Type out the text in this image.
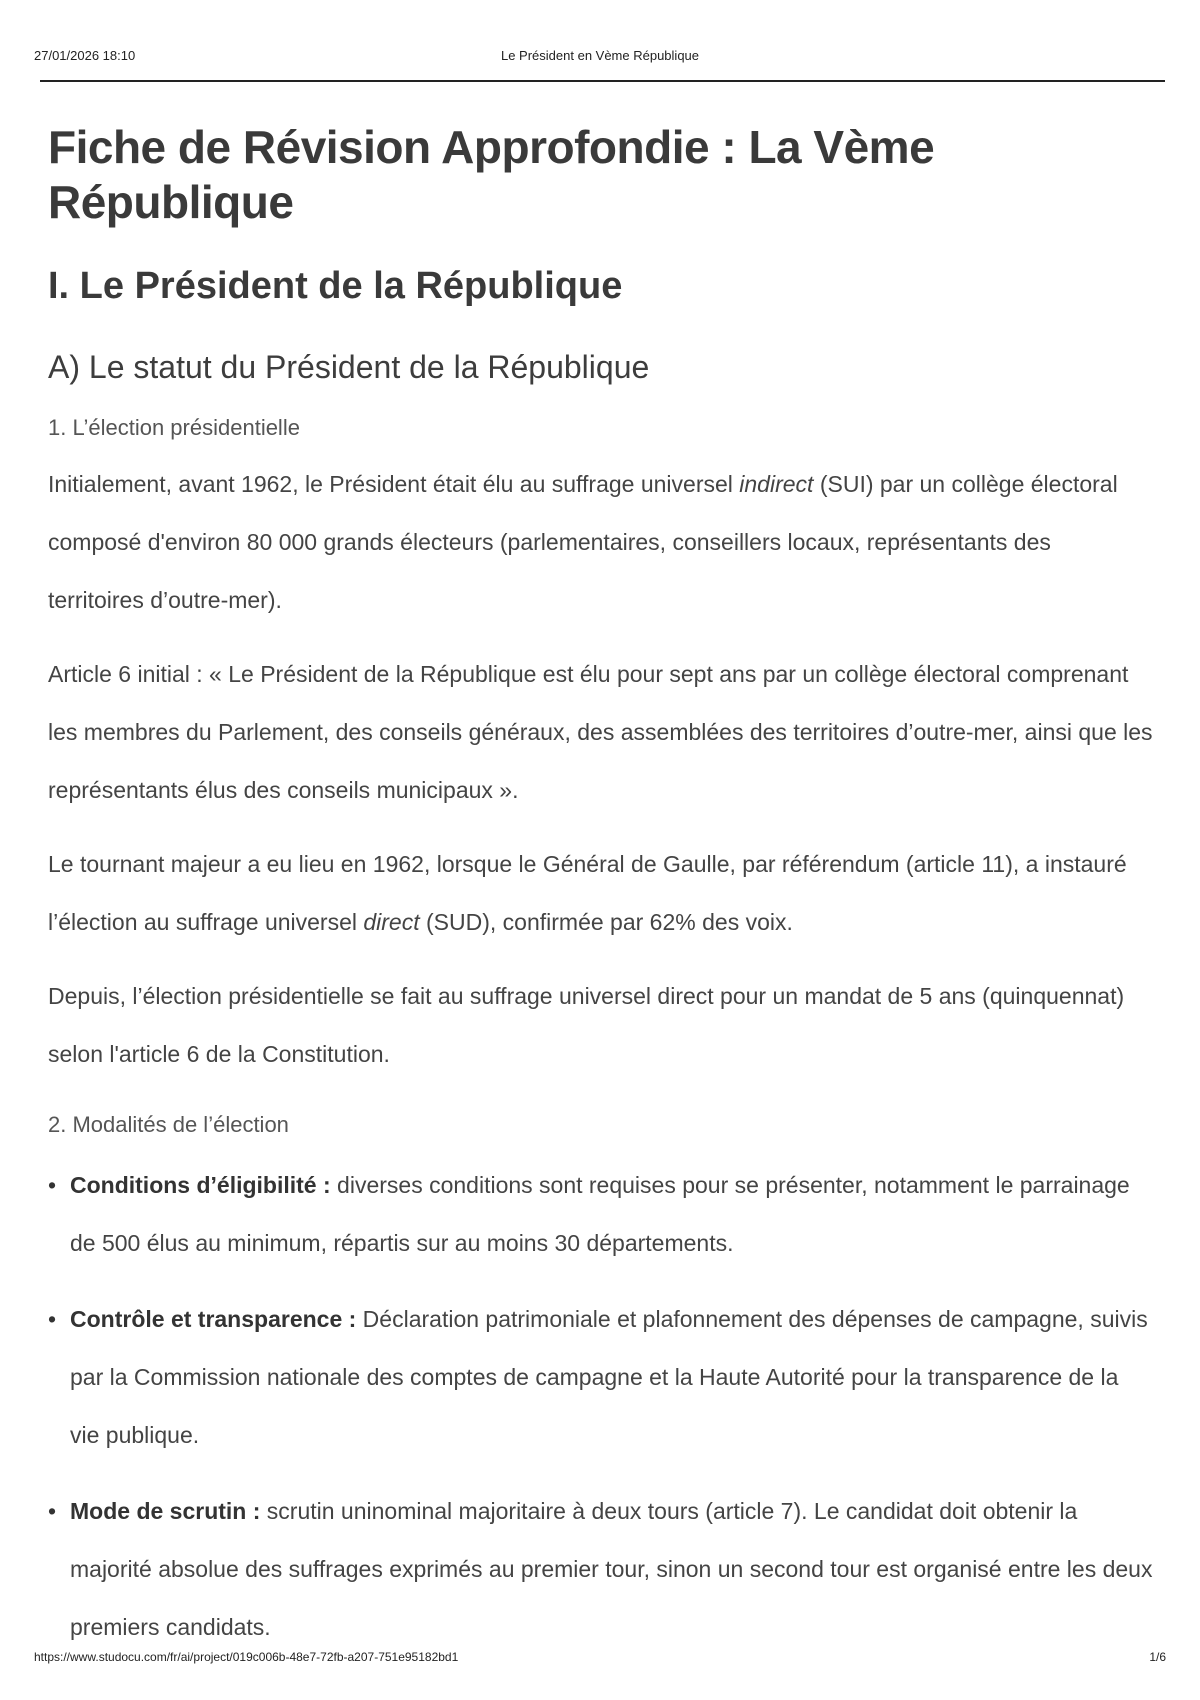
27/01/2026 18:10	Le Président en Vème République
Fiche de Révision Approfondie : La Vème République
I. Le Président de la République
A) Le statut du Président de la République
1. L’élection présidentielle

Initialement, avant 1962, le Président était élu au suffrage universel indirect (SUI) par un collège électoral composé d'environ 80 000 grands électeurs (parlementaires, conseillers locaux, représentants des territoires d’outre-mer).

Article 6 initial : « Le Président de la République est élu pour sept ans par un collège électoral comprenant les membres du Parlement, des conseils généraux, des assemblées des territoires d’outre-mer, ainsi que les représentants élus des conseils municipaux ».

Le tournant majeur a eu lieu en 1962, lorsque le Général de Gaulle, par référendum (article 11), a instauré l’élection au suffrage universel direct (SUD), confirmée par 62% des voix.

Depuis, l’élection présidentielle se fait au suffrage universel direct pour un mandat de 5 ans (quinquennat) selon l'article 6 de la Constitution.

2. Modalités de l’élection
• Conditions d’éligibilité : diverses conditions sont requises pour se présenter, notamment le parrainage de 500 élus au minimum, répartis sur au moins 30 départements.
• Contrôle et transparence : Déclaration patrimoniale et plafonnement des dépenses de campagne, suivis par la Commission nationale des comptes de campagne et la Haute Autorité pour la transparence de la vie publique.
• Mode de scrutin : scrutin uninominal majoritaire à deux tours (article 7). Le candidat doit obtenir la majorité absolue des suffrages exprimés au premier tour, sinon un second tour est organisé entre les deux premiers candidats.
https://www.studocu.com/fr/ai/project/019c006b-48e7-72fb-a207-751e95182bd1	1/6
